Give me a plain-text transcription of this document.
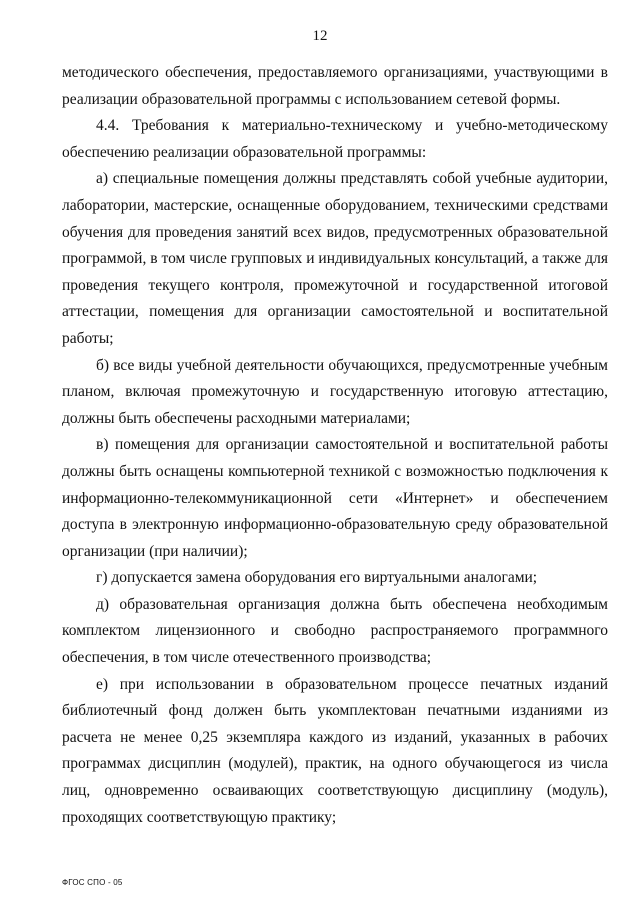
12

методического обеспечения, предоставляемого организациями, участвующими в реализации образовательной программы с использованием сетевой формы.

4.4. Требования к материально-техническому и учебно-методическому обеспечению реализации образовательной программы:

а) специальные помещения должны представлять собой учебные аудитории, лаборатории, мастерские, оснащенные оборудованием, техническими средствами обучения для проведения занятий всех видов, предусмотренных образовательной программой, в том числе групповых и индивидуальных консультаций, а также для проведения текущего контроля, промежуточной и государственной итоговой аттестации, помещения для организации самостоятельной и воспитательной работы;

б) все виды учебной деятельности обучающихся, предусмотренные учебным планом, включая промежуточную и государственную итоговую аттестацию, должны быть обеспечены расходными материалами;

в) помещения для организации самостоятельной и воспитательной работы должны быть оснащены компьютерной техникой с возможностью подключения к информационно-телекоммуникационной сети «Интернет» и обеспечением доступа в электронную информационно-образовательную среду образовательной организации (при наличии);

г) допускается замена оборудования его виртуальными аналогами;

д) образовательная организация должна быть обеспечена необходимым комплектом лицензионного и свободно распространяемого программного обеспечения, в том числе отечественного производства;

е) при использовании в образовательном процессе печатных изданий библиотечный фонд должен быть укомплектован печатными изданиями из расчета не менее 0,25 экземпляра каждого из изданий, указанных в рабочих программах дисциплин (модулей), практик, на одного обучающегося из числа лиц, одновременно осваивающих соответствующую дисциплину (модуль), проходящих соответствующую практику;

ФГОС СПО - 05
